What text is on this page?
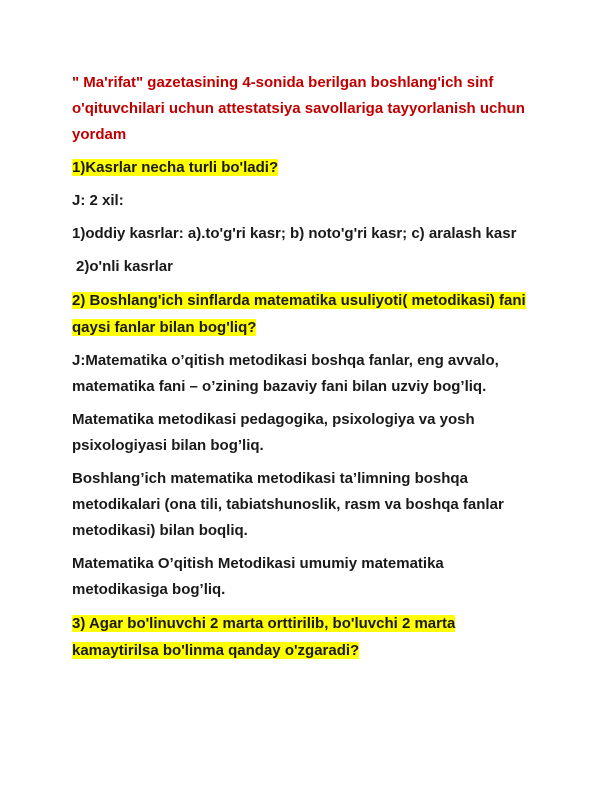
" Ma'rifat" gazetasining 4-sonida berilgan boshlang'ich sinf o'qituvchilari uchun attestatsiya savollariga tayyorlanish uchun yordam
1)Kasrlar necha turli bo'ladi?
J: 2 xil:
1)oddiy kasrlar: a).to'g'ri kasr; b) noto'g'ri kasr; c) aralash kasr
2)o'nli kasrlar
2) Boshlang'ich sinflarda matematika usuliyoti( metodikasi) fani qaysi fanlar bilan bog'liq?
J:Matematika o’qitish metodikasi boshqa fanlar, eng avvalo, matematika fani – o’zining bazaviy fani bilan uzviy bog’liq.
Matematika metodikasi pedagogika, psixologiya va yosh psixologiyasi bilan bog’liq.
Boshlang’ich matematika metodikasi ta’limning boshqa metodikalari (ona tili, tabiatshunoslik, rasm va boshqa fanlar metodikasi) bilan boqliq.
Matematika O’qitish Metodikasi umumiy matematika metodikasiga bog’liq.
3) Agar bo'linuvchi 2 marta orttirilib, bo'luvchi 2 marta kamaytirilsa bo'linma qanday o'zgaradi?
